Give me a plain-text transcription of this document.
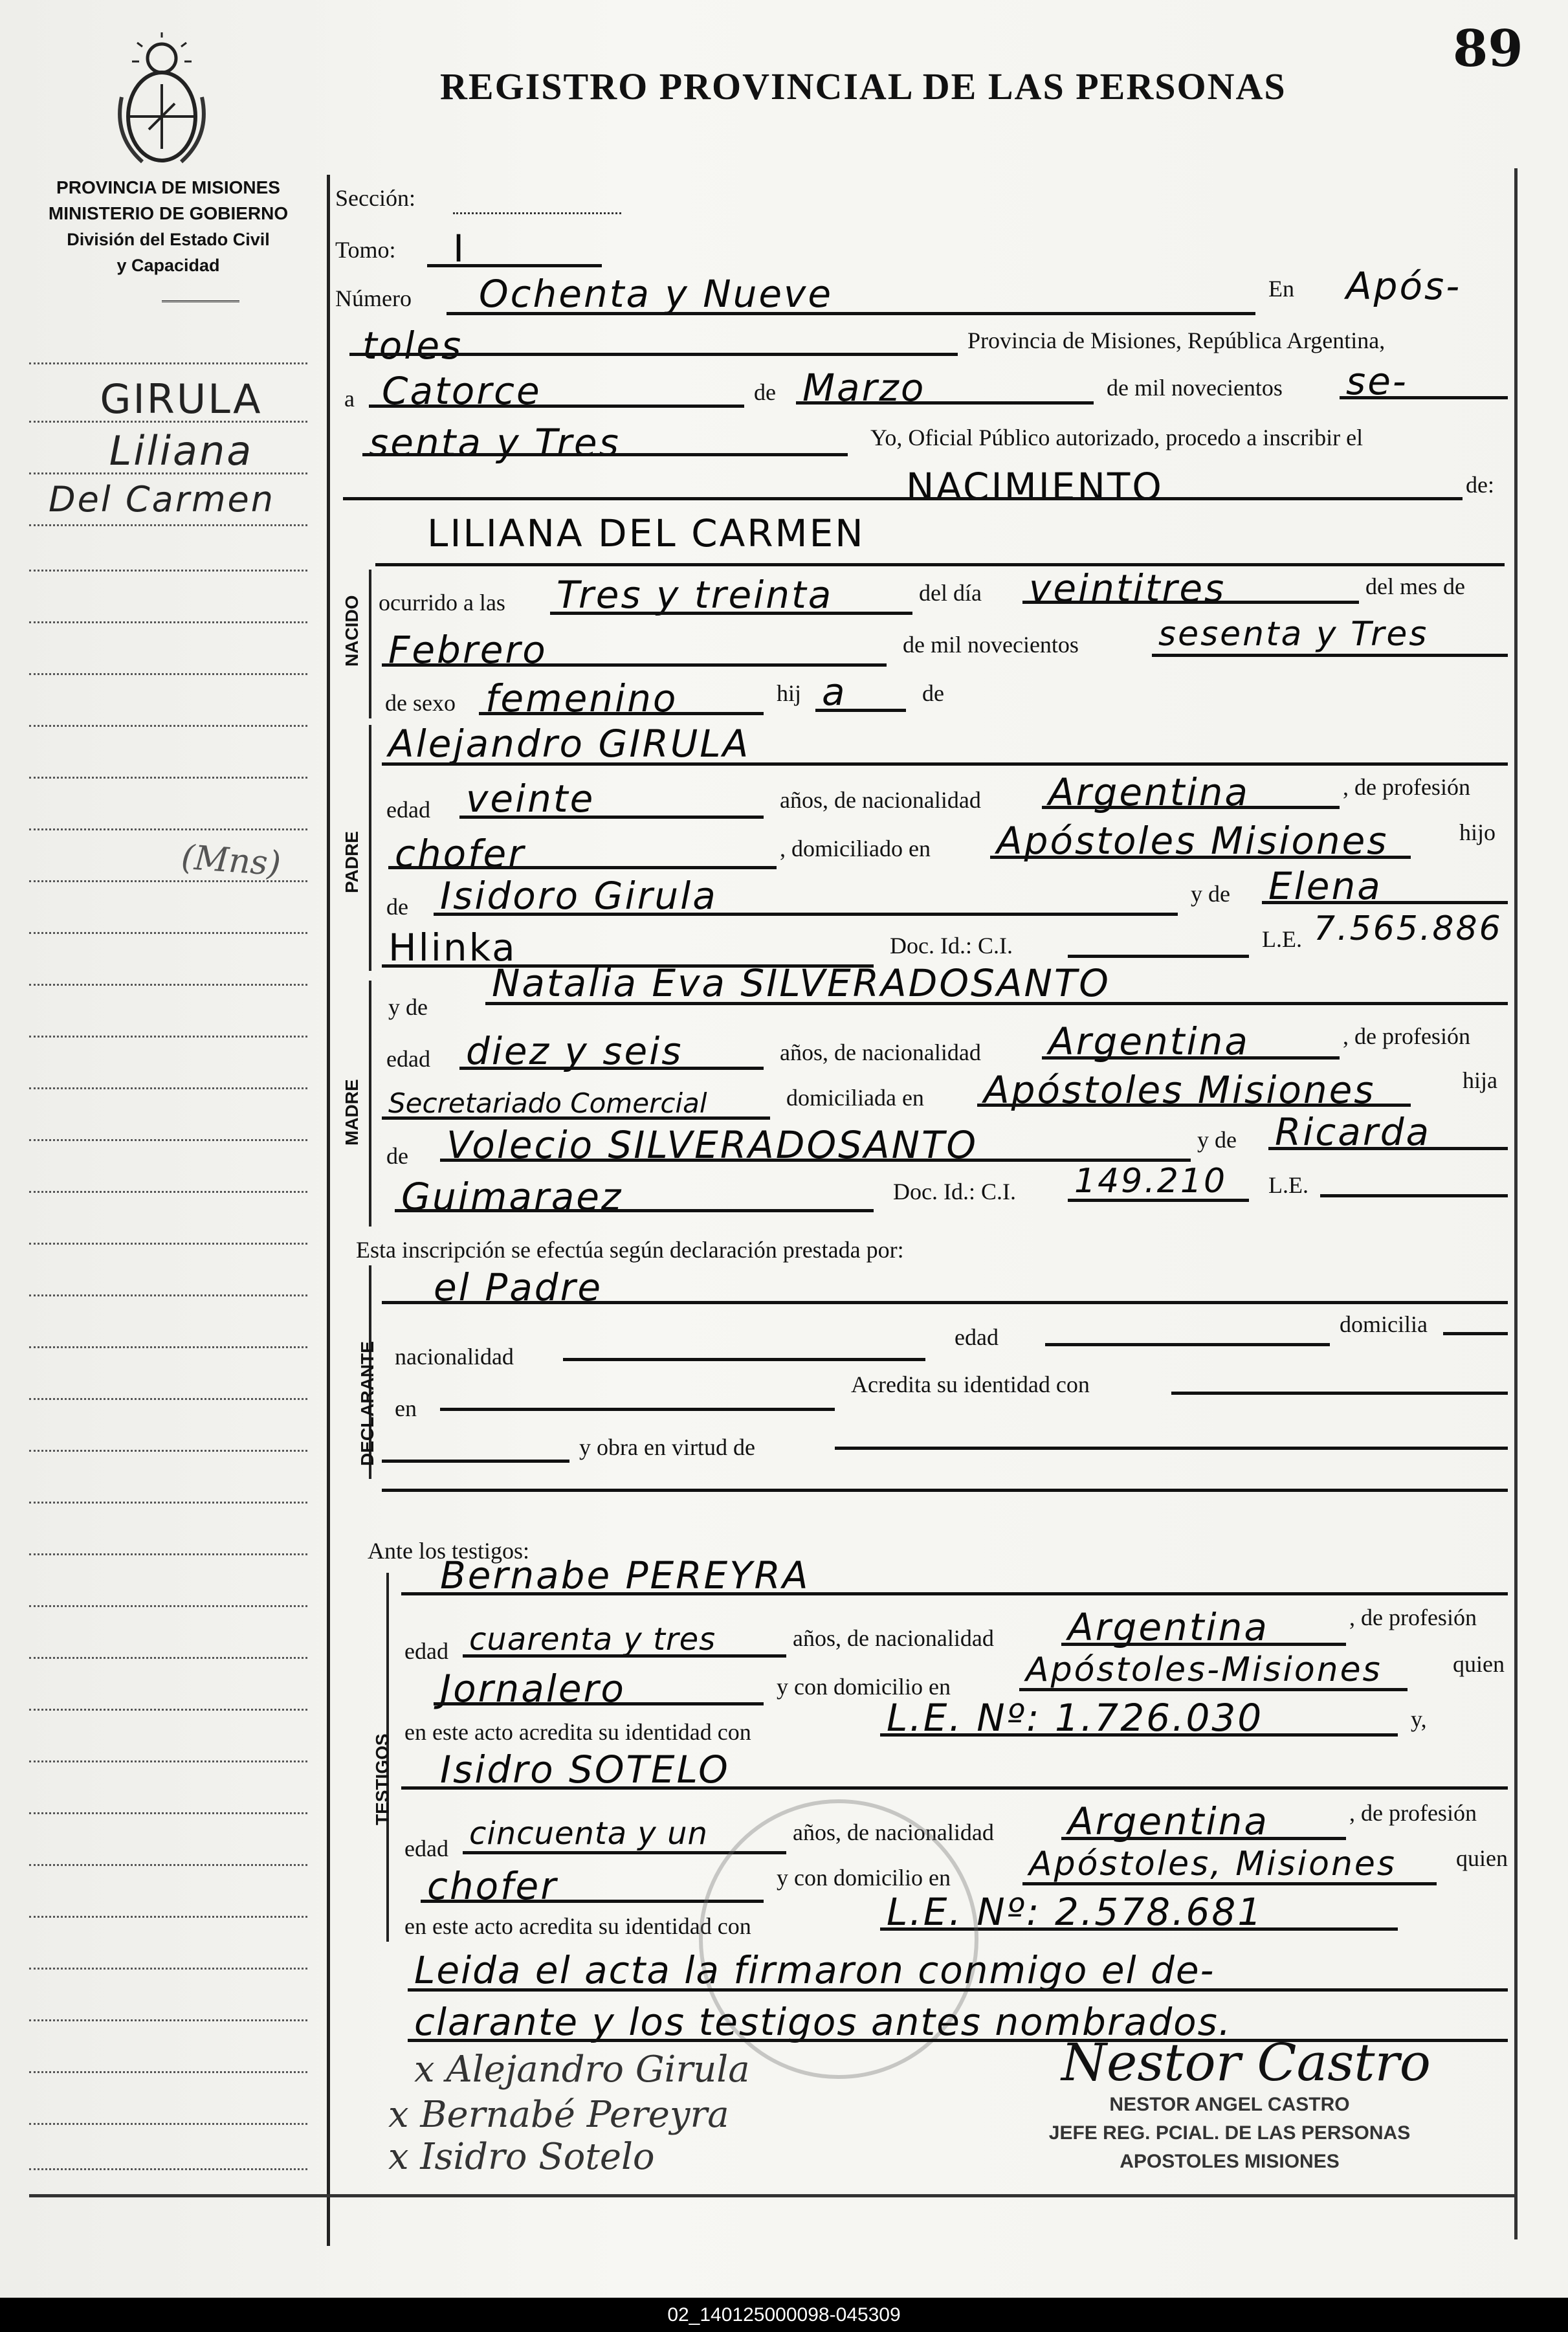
REGISTRO PROVINCIAL DE LAS PERSONAS
89
PROVINCIA DE MISIONES
MINISTERIO DE GOBIERNO
División del Estado Civil
y Capacidad
GIRULA
Liliana
Del Carmen
(Mns)
Sección:
Tomo: I
Número Ochenta y Nueve	En Após-
toles	Provincia de Misiones, República Argentina,
a Catorce	de Marzo	de mil novecientos se-
senta y Tres	Yo, Oficial Público autorizado, procedo a inscribir el
NACIMIENTO	de:
LILIANA DEL CARMEN
NACIDO ocurrido a las Tres y treinta	del día veintitres	del mes de
Febrero	de mil novecientos sesenta y Tres
de sexo femenino	hij a	de
PADRE
Alejandro GIRULA
edad veinte	años, de nacionalidad Argentina	, de profesión
chofer	, domiciliado en Apóstoles Misiones	hijo
de Isidoro Girula	y de Elena
Hlinka	Doc. Id.: C.I.	L.E. 7.565.886
MADRE
y de
Natalia Eva SILVERADOSANTO
edad diez y seis	años, de nacionalidad Argentina	, de profesión
Secretariado Comercial	domiciliada en Apóstoles Misiones	hija
de Volecio SILVERADOSANTO	y de Ricarda
Guimaraez	Doc. Id.: C.I. 149.210 L.E.
Esta inscripción se efectúa según declaración prestada por:
DECLARANTE
el Padre
nacionalidad
edad	domicilia
en
Acredita su identidad con
y obra en virtud de
Ante los testigos:
TESTIGOS
Bernabe PEREYRA
edad cuarenta y tres	años, de nacionalidad Argentina	, de profesión
Jornalero	y con domicilio en Apóstoles-Misiones	quien
en este acto acredita su identidad con	L.E. Nº: 1.726.030	y,
Isidro SOTELO
edad cincuenta y un	años, de nacionalidad Argentina	, de profesión
chofer	y con domicilio en Apóstoles, Misiones	quien
en este acto acredita su identidad con	L.E. Nº: 2.578.681
Leida el acta la firmaron conmigo el de-
clarante y los testigos antes nombrados.
x Alejandro Girula
x Bernabé Pereyra
x Isidro Sotelo
Nestor Castro
NESTOR ANGEL CASTRO
JEFE REG. PCIAL. DE LAS PERSONAS
APOSTOLES MISIONES
02_140125000098-045309
